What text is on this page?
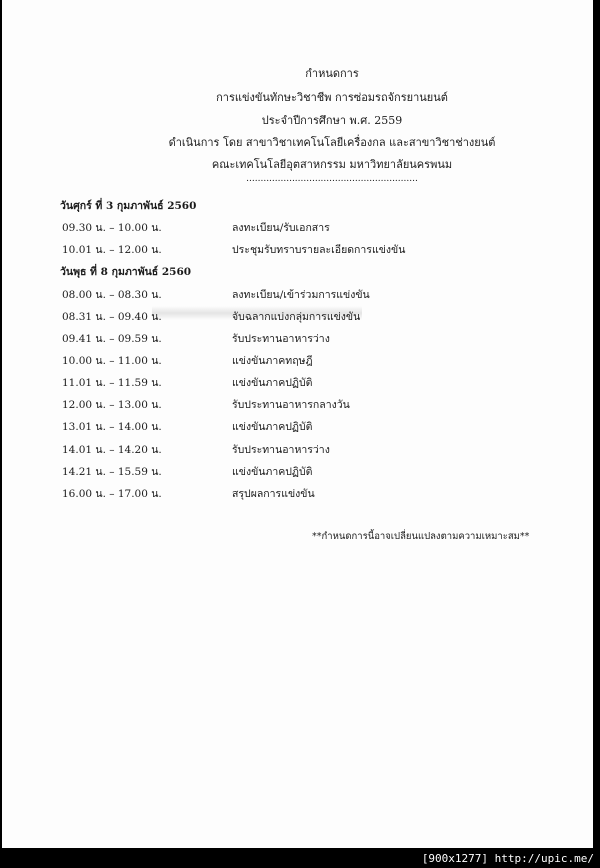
กำหนดการ
การแข่งขันทักษะวิชาชีพ การซ่อมรถจักรยานยนต์
ประจำปีการศึกษา พ.ศ. 2559
ดำเนินการ โดย สาขาวิชาเทคโนโลยีเครื่องกล และสาขาวิชาช่างยนต์
คณะเทคโนโลยีอุตสาหกรรม มหาวิทยาลัยนครพนม
............................................................
วันศุกร์ ที่ 3 กุมภาพันธ์ 2560
09.30 น. – 10.00 น.	ลงทะเบียน/รับเอกสาร
10.01 น. – 12.00 น.	ประชุมรับทราบรายละเอียดการแข่งขัน
วันพุธ ที่ 8 กุมภาพันธ์ 2560
08.00 น. – 08.30 น.	ลงทะเบียน/เข้าร่วมการแข่งขัน
08.31 น. – 09.40 น.	จับฉลากแบ่งกลุ่มการแข่งขัน
09.41 น. – 09.59 น.	รับประทานอาหารว่าง
10.00 น. – 11.00 น.	แข่งขันภาคทฤษฎี
11.01 น. – 11.59 น.	แข่งขันภาคปฏิบัติ
12.00 น. – 13.00 น.	รับประทานอาหารกลางวัน
13.01 น. – 14.00 น.	แข่งขันภาคปฏิบัติ
14.01 น. – 14.20 น.	รับประทานอาหารว่าง
14.21 น. – 15.59 น.	แข่งขันภาคปฏิบัติ
16.00 น. – 17.00 น.	สรุปผลการแข่งขัน
**กำหนดการนี้อาจเปลี่ยนแปลงตามความเหมาะสม**
[900x1277] http://upic.me/
